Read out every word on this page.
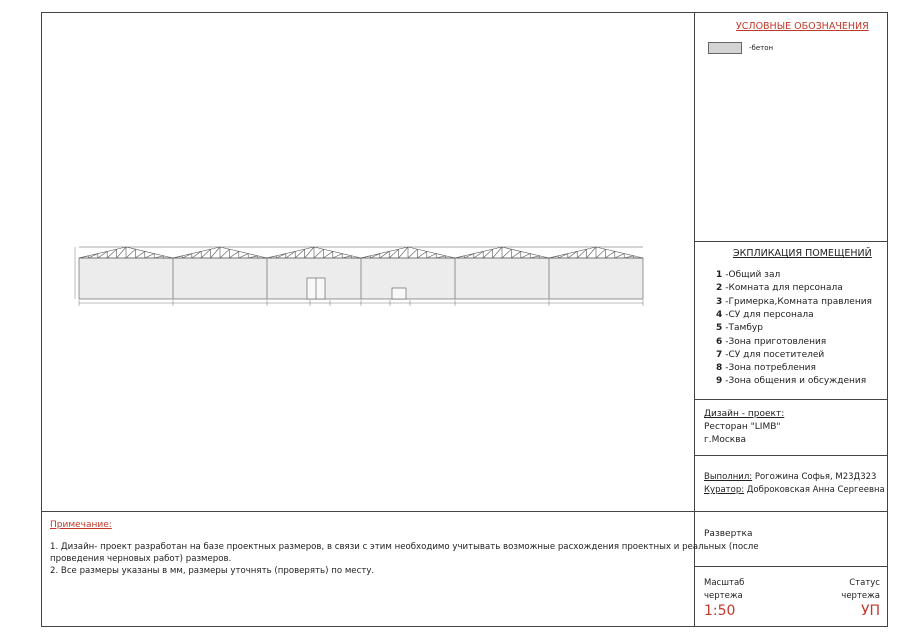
УСЛОВНЫЕ ОБОЗНАЧЕНИЯ
-бетон
ЭКПЛИКАЦИЯ ПОМЕЩЕНИЙ
1 -Общий зал
2 -Комната для персонала
3 -Гримерка,Комната правления
4 -СУ для персонала
5 -Тамбур
6 -Зона приготовления
7 -СУ для посетителей
8 -Зона потребления
9 -Зона общения и обсуждения
Дизайн - проект:
Ресторан "LIMB"
г.Москва
Выполнил: Рогожина Софья, М23Д323
Куратор: Доброковская Анна Сергеевна
Развертка
Масштаб
чертежа
1:50
Статус
чертежа
УП
Примечание:
1. Дизайн- проект разработан на базе проектных размеров, в связи с этим необходимо учитывать возможные расхождения проектных и реальных (после
проведения черновых работ) размеров.
2. Все размеры указаны в мм, размеры уточнять (проверять) по месту.
